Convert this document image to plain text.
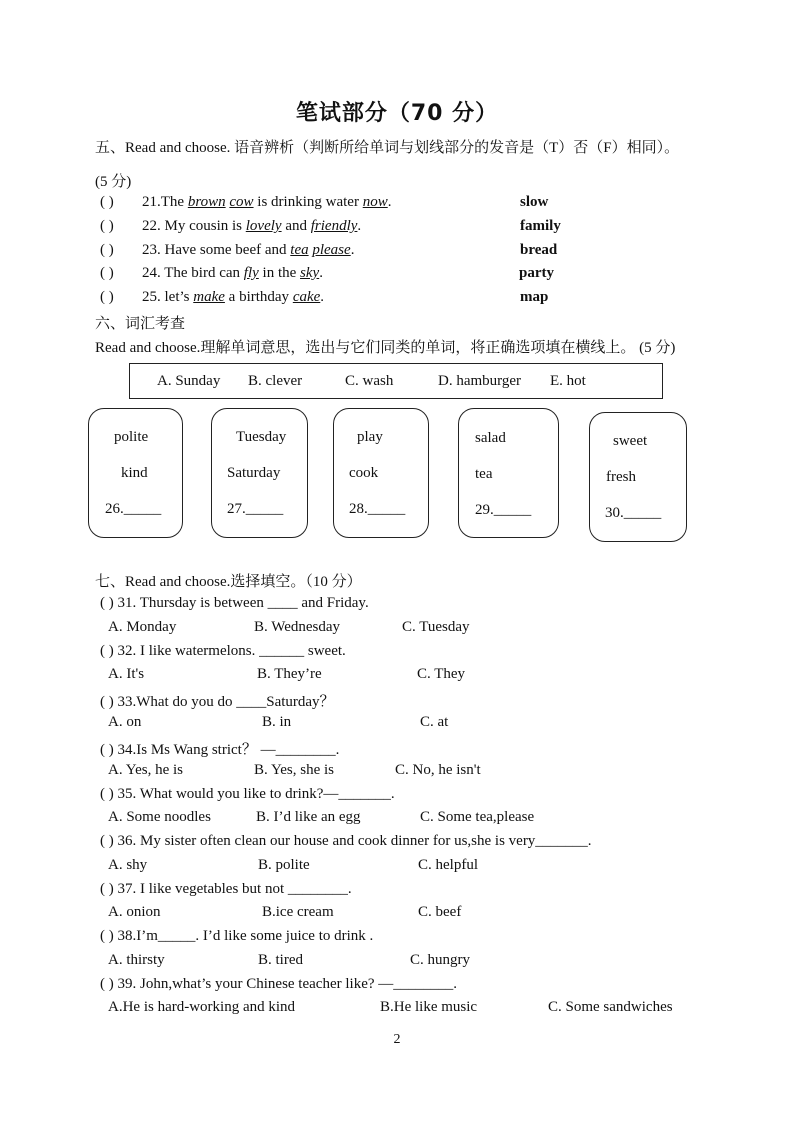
笔试部分（70 分）
五、Read and choose. 语音辨析（判断所给单词与划线部分的发音是（T）否（F）相同）。
(5 分)
( ) 21.The brown cow is drinking water now.	slow
( ) 22. My cousin is lovely and friendly.	family
( ) 23. Have some beef and tea please.	bread
( ) 24. The bird can fly in the sky.	party
( ) 25. let’s make a birthday cake.	map
六、词汇考查
Read and choose.理解单词意思，选出与它们同类的单词，将正确选项填在横线上。 (5 分)
A. Sunday B. clever	C. wash	D. hamburger E. hot
polite
kind
26._____
Tuesday
Saturday
27._____
play
cook
28._____
salad
tea
29._____
sweet
fresh
30._____
七、Read and choose.选择填空。（10 分）
( ) 31. Thursday is between ____ and Friday.
A. Monday	B. Wednesday	C. Tuesday
( ) 32. I like watermelons. ______ sweet.
A. It's	B. They’re	C. They
( ) 33.What do you do ____Saturday？
A. on	B. in	C. at
( ) 34.Is Ms Wang strict？ —________.
A. Yes, he is	B. Yes, she is	C. No, he isn't
( ) 35. What would you like to drink?—_______.
A. Some noodles	B. I’d like an egg	C. Some tea,please
( ) 36. My sister often clean our house and cook dinner for us,she is very_______.
A. shy	B. polite	C. helpful
( ) 37. I like vegetables but not ________.
A. onion	B.ice cream	C. beef
( ) 38.I’m_____. I’d like some juice to drink .
A. thirsty	B. tired	C. hungry
( ) 39. John,what’s your Chinese teacher like? —________.
A.He is hard-working and kind	B.He like music	C. Some sandwiches
2
